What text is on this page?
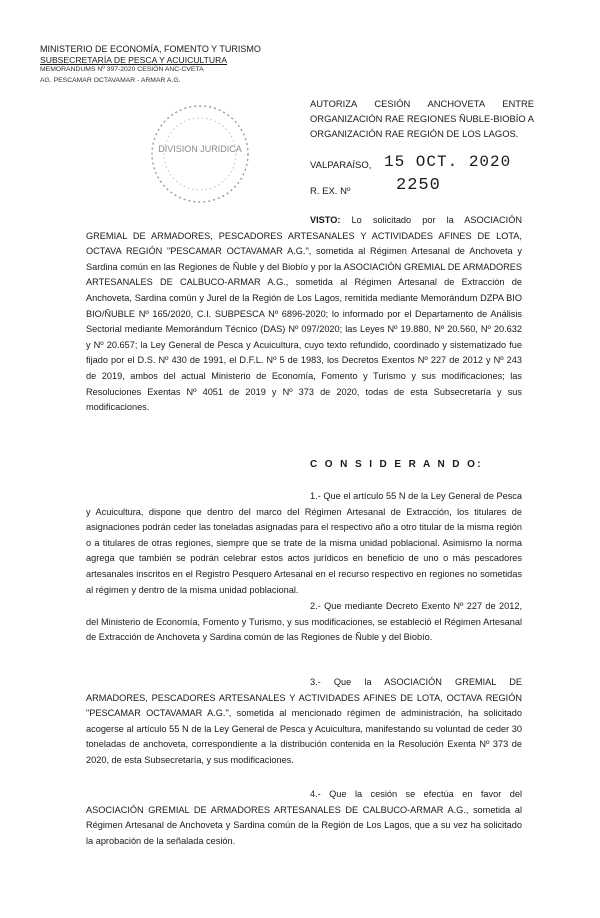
MINISTERIO DE ECONOMÍA, FOMENTO Y TURISMO
SUBSECRETARÍA DE PESCA Y ACUICULTURA
MEMORANDUMS Nº 397-2020 CESIÓN ANC-CVETA
AG. PESCAMAR OCTAVAMAR - ARMAR A.G.
DIVISION JURIDICA
AUTORIZA CESIÓN ANCHOVETA ENTRE ORGANIZACIÓN RAE REGIONES ÑUBLE-BIOBÍO A ORGANIZACIÓN RAE REGIÓN DE LOS LAGOS.
VALPARAÍSO, 15 OCT. 2020
R. EX. Nº	2250
VISTO: Lo solicitado por la ASOCIACIÓN GREMIAL DE ARMADORES, PESCADORES ARTESANALES Y ACTIVIDADES AFINES DE LOTA, OCTAVA REGIÓN "PESCAMAR OCTAVAMAR A.G.", sometida al Régimen Artesanal de Anchoveta y Sardina común en las Regiones de Ñuble y del Biobío y por la ASOCIACIÓN GREMIAL DE ARMADORES ARTESANALES DE CALBUCO-ARMAR A.G., sometida al Régimen Artesanal de Extracción de Anchoveta, Sardina común y Jurel de la Región de Los Lagos, remitida mediante Memorándum DZPA BIO BIO/ÑUBLE Nº 165/2020, C.I. SUBPESCA Nº 6896-2020; lo informado por el Departamento de Análisis Sectorial mediante Memorándum Técnico (DAS) Nº 097/2020; las Leyes Nº 19.880, Nº 20.560, Nº 20.632 y Nº 20.657; la Ley General de Pesca y Acuicultura, cuyo texto refundido, coordinado y sistematizado fue fijado por el D.S. Nº 430 de 1991, el D.F.L. Nº 5 de 1983, los Decretos Exentos Nº 227 de 2012 y Nº 243 de 2019, ambos del actual Ministerio de Economía, Fomento y Turismo y sus modificaciones; las Resoluciones Exentas Nº 4051 de 2019 y Nº 373 de 2020, todas de esta Subsecretaría y sus modificaciones.
C O N S I D E R A N D O:
1.- Que el artículo 55 N de la Ley General de Pesca y Acuicultura, dispone que dentro del marco del Régimen Artesanal de Extracción, los titulares de asignaciones podrán ceder las toneladas asignadas para el respectivo año a otro titular de la misma región o a titulares de otras regiones, siempre que se trate de la misma unidad poblacional. Asimismo la norma agrega que también se podrán celebrar estos actos jurídicos en beneficio de uno o más pescadores artesanales inscritos en el Registro Pesquero Artesanal en el recurso respectivo en regiones no sometidas al régimen y dentro de la misma unidad poblacional.
2.- Que mediante Decreto Exento Nº 227 de 2012, del Ministerio de Economía, Fomento y Turismo, y sus modificaciones, se estableció el Régimen Artesanal de Extracción de Anchoveta y Sardina común de las Regiones de Ñuble y del Biobío.
3.- Que la ASOCIACIÓN GREMIAL DE ARMADORES, PESCADORES ARTESANALES Y ACTIVIDADES AFINES DE LOTA, OCTAVA REGIÓN "PESCAMAR OCTAVAMAR A.G.", sometida al mencionado régimen de administración, ha solicitado acogerse al artículo 55 N de la Ley General de Pesca y Acuicultura, manifestando su voluntad de ceder 30 toneladas de anchoveta, correspondiente a la distribución contenida en la Resolución Exenta Nº 373 de 2020, de esta Subsecretaría, y sus modificaciones.
4.- Que la cesión se efectúa en favor del ASOCIACIÓN GREMIAL DE ARMADORES ARTESANALES DE CALBUCO-ARMAR A.G., sometida al Régimen Artesanal de Anchoveta y Sardina común de la Región de Los Lagos, que a su vez ha solicitado la aprobación de la señalada cesión.
